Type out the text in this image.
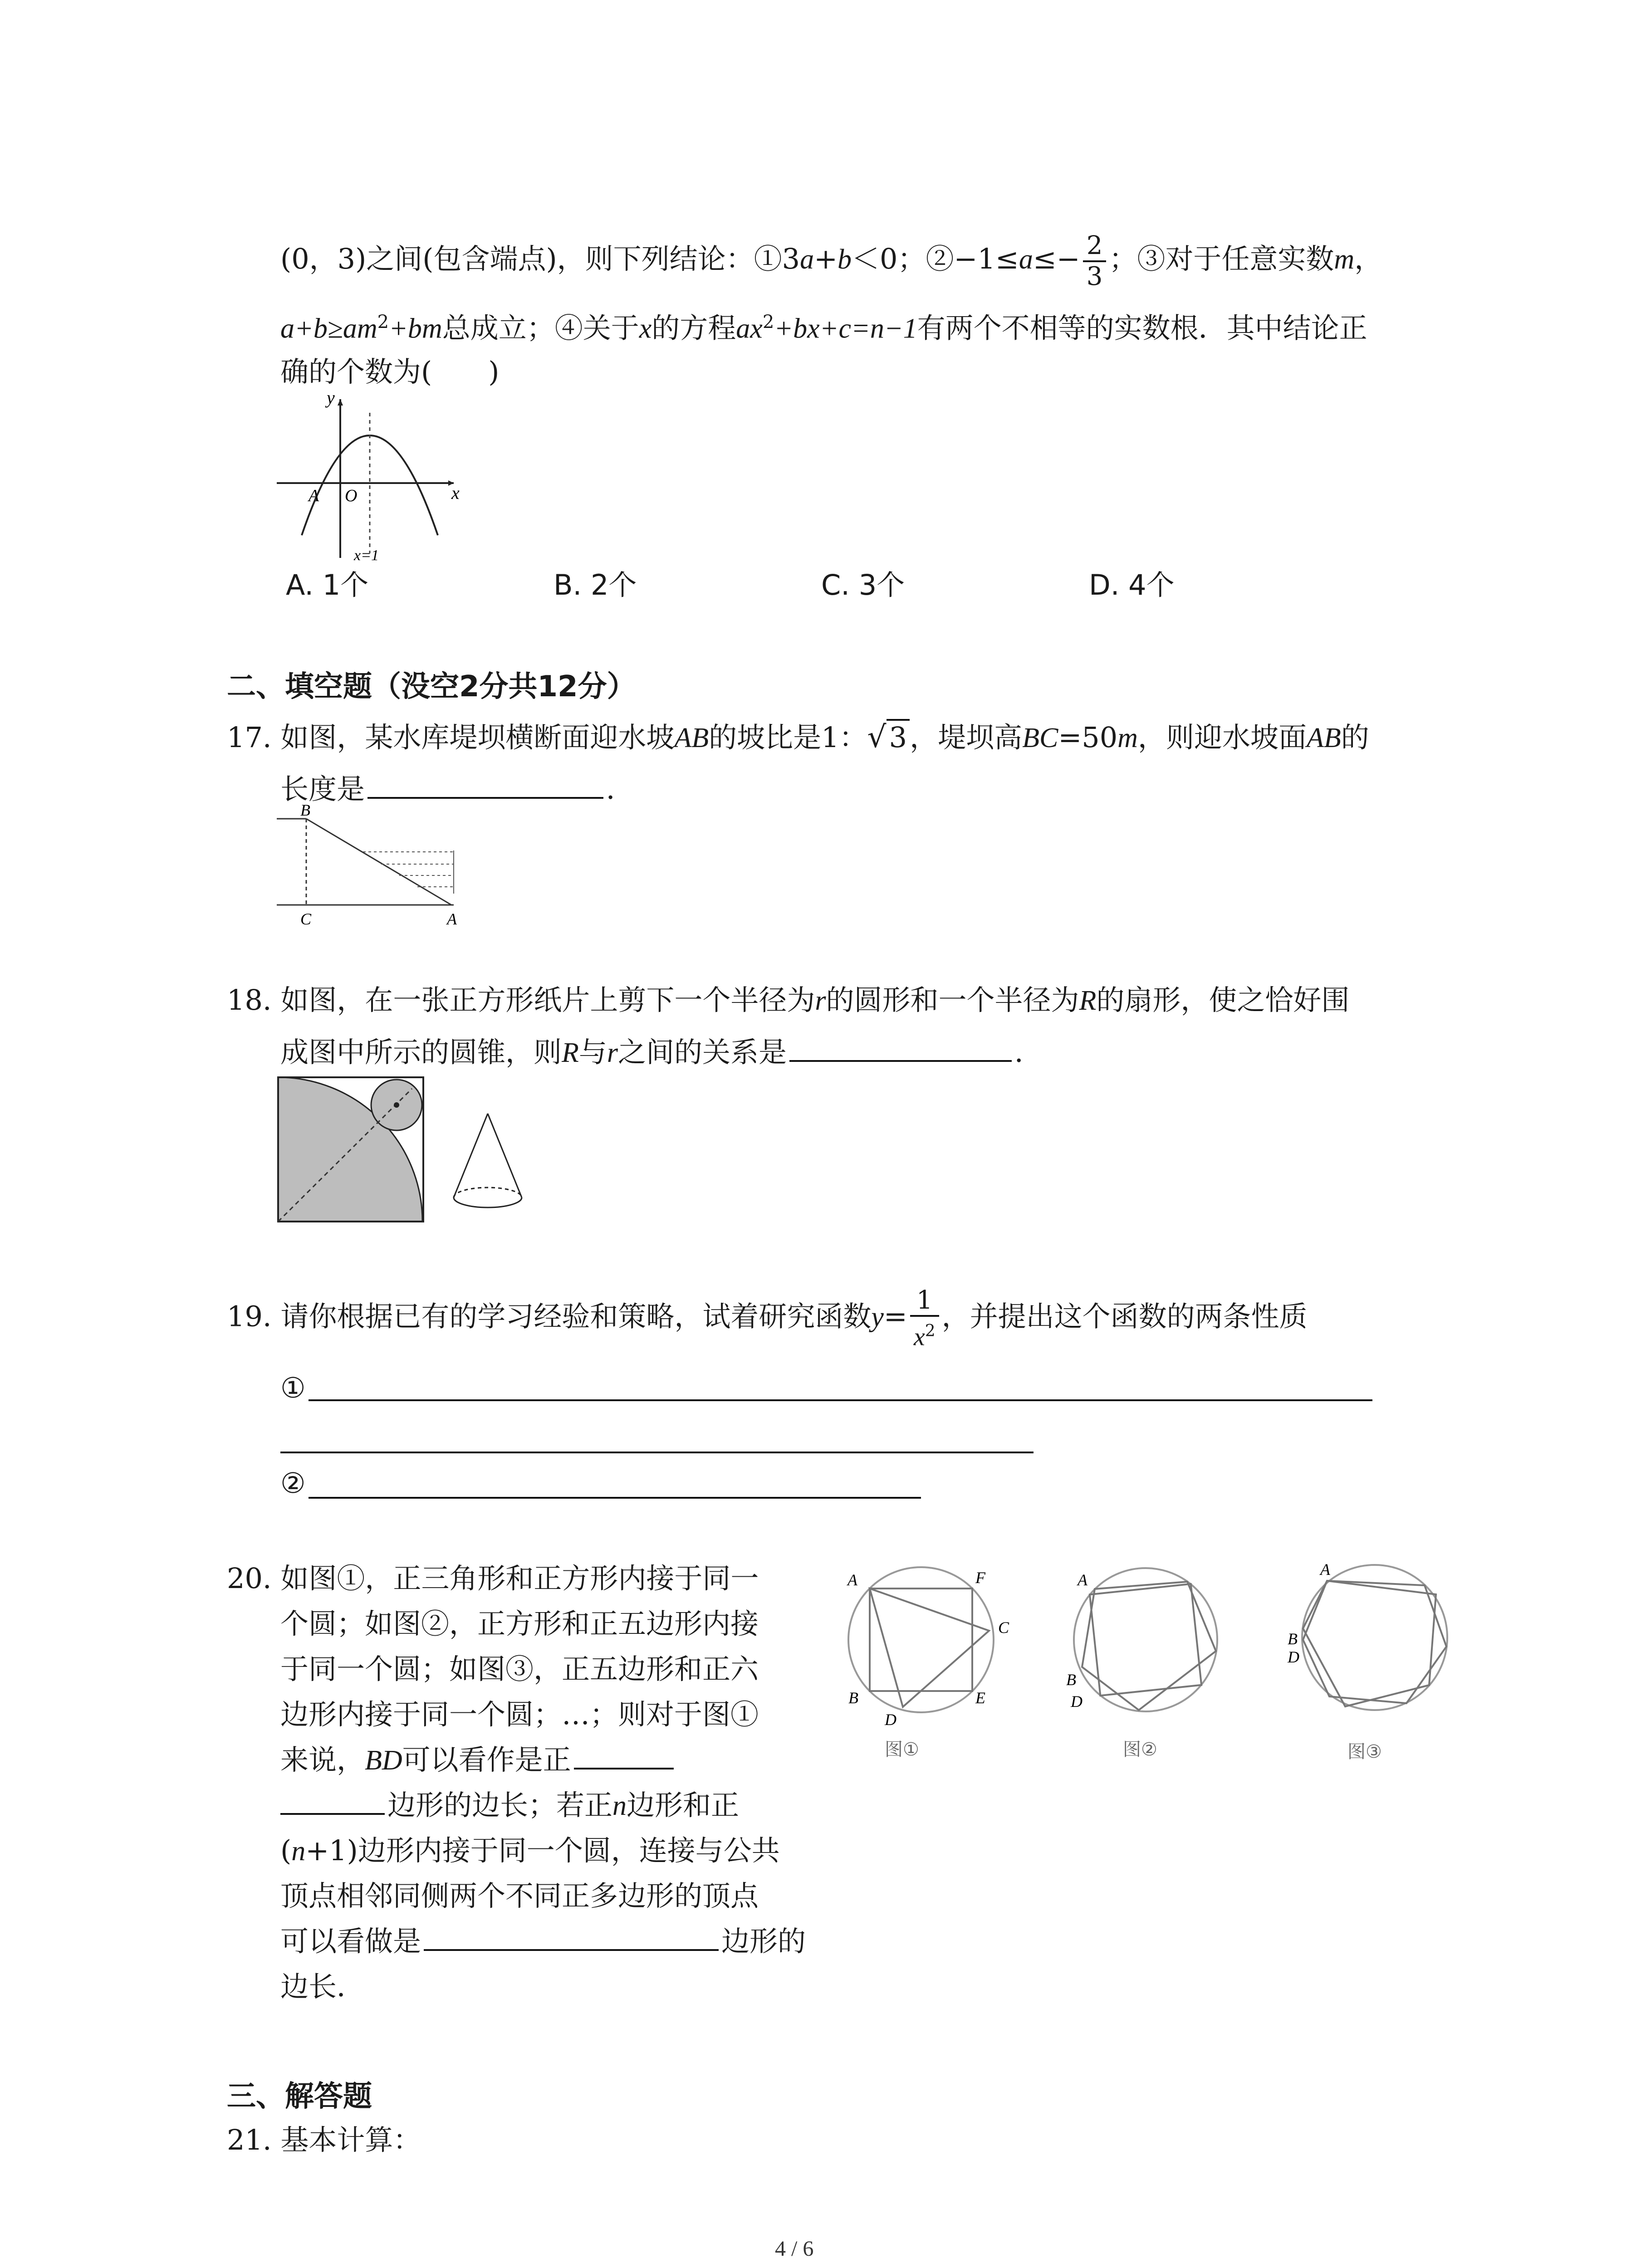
(0，3)之间(包含端点)，则下列结论：①3a+b＜0；②−1≤a≤− $\frac{2}{3}$ ；③对于任意实数m，
$a+b\ge am^2+bm$总成立；④关于x的方程$ax^2+bx+c=n-1$有两个不相等的实数根．其中结论正
确的个数为(　　)
y
x
A O
x=1
A. 1个	B. 2个	C. 3个	D. 4个
二、填空题（没空2分共12分）
17. 如图，某水库堤坝横断面迎水坡AB的坡比是1：√3，堤坝高BC=50m，则迎水坡面AB的
长度是	．
B
C	A
18. 如图，在一张正方形纸片上剪下一个半径为r的圆形和一个半径为R的扇形，使之恰好围
成图中所示的圆锥，则R与r之间的关系是	．
19. 请你根据已有的学习经验和策略，试着研究函数$y= \frac{1}{x^2}$ ，并提出这个函数的两条性质
①
②
20. 如图①，正三角形和正方形内接于同一
个圆；如图②，正方形和正五边形内接
于同一个圆；如图③，正五边形和正六
边形内接于同一个圆；…；则对于图①
来说，BD可以看作是正
边形的边长；若正n边形和正
(n+1)边形内接于同一个圆，连接与公共
顶点相邻同侧两个不同正多边形的顶点
可以看做是	边形的
边长．
A	F
C
B
D
E
图①
A
B
D
图②
A
B
D
图③
三、解答题
21. 基本计算：
4 / 6
